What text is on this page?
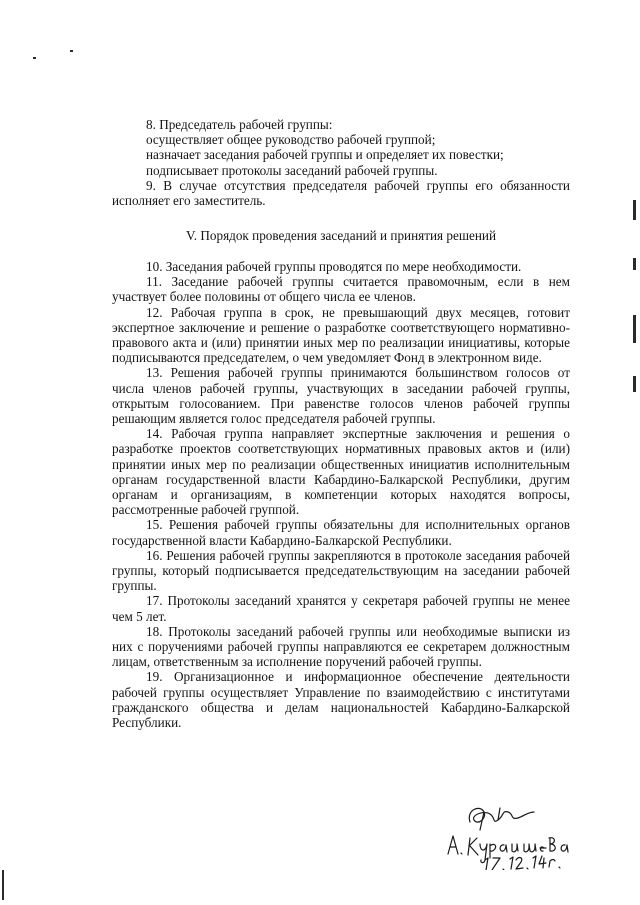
8. Председатель рабочей группы:

осуществляет общее руководство рабочей группой;

назначает заседания рабочей группы и определяет их повестки;

подписывает протоколы заседаний рабочей группы.

9. В случае отсутствия председателя рабочей группы его обязанности исполняет его заместитель.

V. Порядок проведения заседаний и принятия решений

10. Заседания рабочей группы проводятся по мере необходимости.

11. Заседание рабочей группы считается правомочным, если в нем участвует более половины от общего числа ее членов.

12. Рабочая группа в срок, не превышающий двух месяцев, готовит экспертное заключение и решение о разработке соответствующего нормативно-правового акта и (или) принятии иных мер по реализации инициативы, которые подписываются председателем, о чем уведомляет Фонд в электронном виде.

13. Решения рабочей группы принимаются большинством голосов от числа членов рабочей группы, участвующих в заседании рабочей группы, открытым голосованием. При равенстве голосов членов рабочей группы решающим является голос председателя рабочей группы.

14. Рабочая группа направляет экспертные заключения и решения о разработке проектов соответствующих нормативных правовых актов и (или) принятии иных мер по реализации общественных инициатив исполнительным органам государственной власти Кабардино-Балкарской Республики, другим органам и организациям, в компетенции которых находятся вопросы, рассмотренные рабочей группой.

15. Решения рабочей группы обязательны для исполнительных органов государственной власти Кабардино-Балкарской Республики.

16. Решения рабочей группы закрепляются в протоколе заседания рабочей группы, который подписывается председательствующим на заседании рабочей группы.

17. Протоколы заседаний хранятся у секретаря рабочей группы не менее чем 5 лет.

18. Протоколы заседаний рабочей группы или необходимые выписки из них с поручениями рабочей группы направляются ее секретарем должностным лицам, ответственным за исполнение поручений рабочей группы.

19. Организационное и информационное обеспечение деятельности рабочей группы осуществляет Управление по взаимодействию с институтами гражданского общества и делам национальностей Кабардино-Балкарской Республики.
